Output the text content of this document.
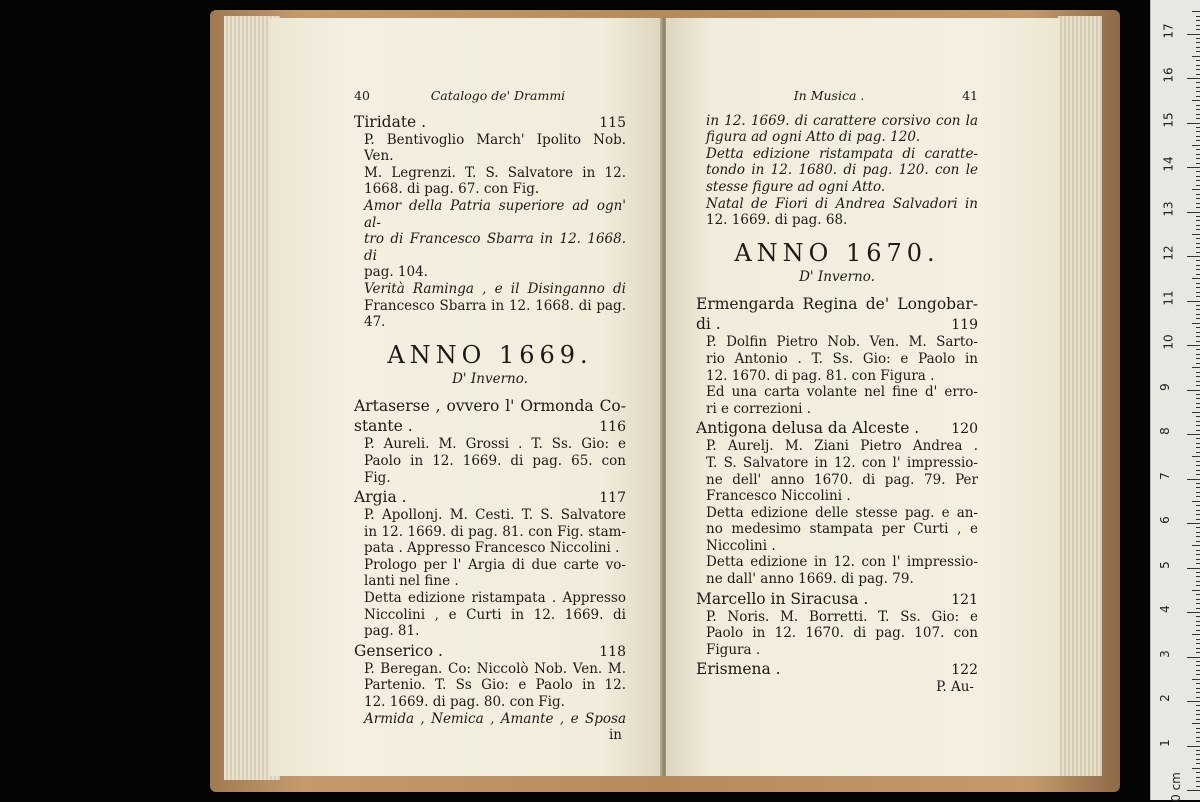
40	Catalogo de' Drammi
Tiridate .	115
P. Bentivoglio March' Ipolito Nob. Ven.
M. Legrenzi. T. S. Salvatore in 12.
1668. di pag. 67. con Fig.
Amor della Patria superiore ad ogn' al-
tro di Francesco Sbarra in 12. 1668. di
pag. 104.
Verità Raminga , e il Disinganno di
Francesco Sbarra in 12. 1668. di pag.
47.
ANNO 1669.
D' Inverno.
Artaserse , ovvero l' Ormonda Co-
stante .	116
P. Aureli. M. Grossi . T. Ss. Gio: e
Paolo in 12. 1669. di pag. 65. con
Fig.
Argia .	117
P. Apollonj. M. Cesti. T. S. Salvatore
in 12. 1669. di pag. 81. con Fig. stam-
pata . Appresso Francesco Niccolini .
Prologo per l' Argia di due carte vo-
lanti nel fine .
Detta edizione ristampata . Appresso
Niccolini , e Curti in 12. 1669. di
pag. 81.
Genserico .	118
P. Beregan. Co: Niccolò Nob. Ven. M.
Partenio. T. Ss Gio: e Paolo in 12.
12. 1669. di pag. 80. con Fig.
Armida , Nemica , Amante , e Sposa
in
In Musica .	41
in 12. 1669. di carattere corsivo con la
figura ad ogni Atto di pag. 120.
Detta edizione ristampata di caratte-
tondo in 12. 1680. di pag. 120. con le
stesse figure ad ogni Atto.
Natal de Fiori di Andrea Salvadori in
12. 1669. di pag. 68.
ANNO 1670.
D' Inverno.
Ermengarda Regina de' Longobar-
di .	119
P. Dolfin Pietro Nob. Ven. M. Sarto-
rio Antonio . T. Ss. Gio: e Paolo in
12. 1670. di pag. 81. con Figura .
Ed una carta volante nel fine d' erro-
ri e correzioni .
Antigona delusa da Alceste . 120
P. Aurelj. M. Ziani Pietro Andrea .
T. S. Salvatore in 12. con l' impressio-
ne dell' anno 1670. di pag. 79. Per
Francesco Niccolini .
Detta edizione delle stesse pag. e an-
no medesimo stampata per Curti , e
Niccolini .
Detta edizione in 12. con l' impressio-
ne dall' anno 1669. di pag. 79.
Marcello in Siracusa .	121
P. Noris. M. Borretti. T. Ss. Gio: e
Paolo in 12. 1670. di pag. 107. con
Figura .
Erismena .	122
P. Au-
0 cm
1
2
3
4
5
6
7
8
9
10
11
12
13
14
15
16
17
